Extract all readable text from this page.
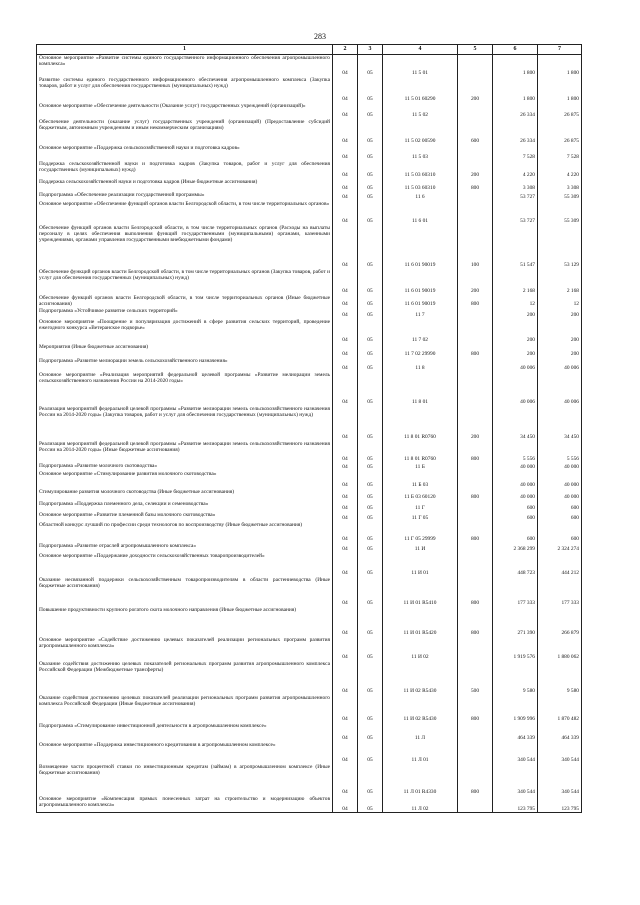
283
1	2	3	4	5	6	7
Основное мероприятие «Развитие системы единого государственного информационного обеспечения агропромышленного комплекса»	04	05	11 5 01		1 800	1 800
Развитие системы единого государственного информационного обеспечения агропромышленного комплекса (Закупка товаров, работ и услуг для обеспечения государственных (муниципальных) нужд)	04	05	11 5 01 60290	200	1 800	1 800
Основное мероприятие «Обеспечение деятельности (Оказание услуг) государственных учреждений (организаций)»	04	05	11 5 02		26 334	26 875
Обеспечение деятельности (оказание услуг) государственных учреждений (организаций) (Предоставление субсидий бюджетным, автономным учреждениям и иным некоммерческим организациям)	04	05	11 5 02 00590	600	26 334	26 875
Основное мероприятие «Поддержка сельскохозяйственной науки и подготовка кадров»	04	05	11 5 03		7 528	7 528
Поддержка сельскохозяйственной науки и подготовка кадров (Закупка товаров, работ и услуг для обеспечения государственных (муниципальных) нужд)	04	05	11 5 03 60310	200	4 220	4 220
Поддержка сельскохозяйственной науки и подготовка кадров (Иные бюджетные ассигнования)	04	05	11 5 03 60310	800	3 308	3 308
Подпрограмма «Обеспечение реализации государственной программы»	04	05	11 6		53 727	55 309
Основное мероприятие «Обеспечение функций органов власти Белгородской области, в том числе территориальных органов»	04	05	11 6 01		53 727	55 309
Обеспечение функций органов власти Белгородской области, в том числе территориальных органов (Расходы на выплаты персоналу в целях обеспечения выполнения функций государственными (муниципальными) органами, казенными учреждениями, органами управления государственными внебюджетными фондами)	04	05	11 6 01 90019	100	51 547	53 129
Обеспечение функций органов власти Белгородской области, в том числе территориальных органов (Закупка товаров, работ и услуг для обеспечения государственных (муниципальных) нужд)	04	05	11 6 01 90019	200	2 168	2 168
Обеспечение функций органов власти Белгородской области, в том числе территориальных органов (Иные бюджетные ассигнования)	04	05	11 6 01 90019	800	12	12
Подпрограмма «Устойчивое развитие сельских территорий»	04	05	11 7		200	200
Основное мероприятие «Поощрение и популяризация достижений в сфере развития сельских территорий, проведение ежегодного конкурса «Ветеранское подворье»	04	05	11 7 02		200	200
Мероприятия (Иные бюджетные ассигнования)	04	05	11 7 02 29990	800	200	200
Подпрограмма «Развитие мелиорации земель сельскохозяйственного назначения»	04	05	11 8		40 006	40 006
Основное мероприятие «Реализация мероприятий федеральной целевой программы «Развитие мелиорации земель сельскохозяйственного назначения России на 2014-2020 годы»	04	05	11 8 01		40 006	40 006
Реализация мероприятий федеральной целевой программы «Развитие мелиорации земель сельскохозяйственного назначения России на 2014-2020 годы» (Закупка товаров, работ и услуг для обеспечения государственных (муниципальных) нужд)	04	05	11 8 01 R0760	200	34 450	34 450
Реализация мероприятий федеральной целевой программы «Развитие мелиорации земель сельскохозяйственного назначения России на 2014-2020 годы» (Иные бюджетные ассигнования)	04	05	11 8 01 R0760	800	5 556	5 556
Подпрограмма «Развитие молочного скотоводства»	04	05	11 Б		40 000	40 000
Основное мероприятие «Стимулирование развития молочного скотоводства»	04	05	11 Б 03		40 000	40 000
Стимулирование развития молочного скотоводства (Иные бюджетные ассигнования)	04	05	11 Б 03 60120	800	40 000	40 000
Подпрограмма «Поддержка племенного дела, селекции и семеноводства»	04	05	11 Г		600	600
Основное мероприятие «Развитие племенной базы молочного скотоводства»	04	05	11 Г 05		600	600
Областной конкурс лучший по профессии среди технологов по воспроизводству (Иные бюджетные ассигнования)	04	05	11 Г 05 29999	800	600	600
Подпрограмма «Развитие отраслей агропромышленного комплекса»	04	05	11 И		2 368 299	2 324 274
Основное мероприятие «Поддержание доходности сельскохозяйственных товаропроизводителей»	04	05	11 И 01		448 723	444 212
Оказание несвязанной поддержки сельскохозяйственным товаропроизводителям в области растениеводства (Иные бюджетные ассигнования)	04	05	11 И 01 R5410	800	177 333	177 333
Повышение продуктивности крупного рогатого скота молочного направления (Иные бюджетные ассигнования)	04	05	11 И 01 R5420	800	271 390	266 879
Основное мероприятие «Содействие достижению целевых показателей реализации региональных программ развития агропромышленного комплекса»	04	05	11 И 02		1 919 576	1 880 062
Оказание содействия достижению целевых показателей региональных программ развития агропромышленного комплекса Российской Федерации (Межбюджетные трансферты)	04	05	11 И 02 R5430	500	9 580	9 580
Оказание содействия достижению целевых показателей реализации региональных программ развития агропромышленного комплекса Российской Федерации (Иные бюджетные ассигнования)	04	05	11 И 02 R5430	800	1 909 996	1 870 482
Подпрограмма «Стимулирование инвестиционной деятельности в агропромышленном комплексе»	04	05	11 Л		464 339	464 339
Основное мероприятие «Поддержка инвестиционного кредитования в агропромышленном комплексе»	04	05	11 Л 01		340 544	340 544
Возмещение части процентной ставки по инвестиционным кредитам (займам) в агропромышленном комплексе (Иные бюджетные ассигнования)	04	05	11 Л 01 R4330	800	340 544	340 544
Основное мероприятие «Компенсация прямых понесенных затрат на строительство и модернизацию объектов агропромышленного комплекса»	04	05	11 Л 02		123 795	123 795
